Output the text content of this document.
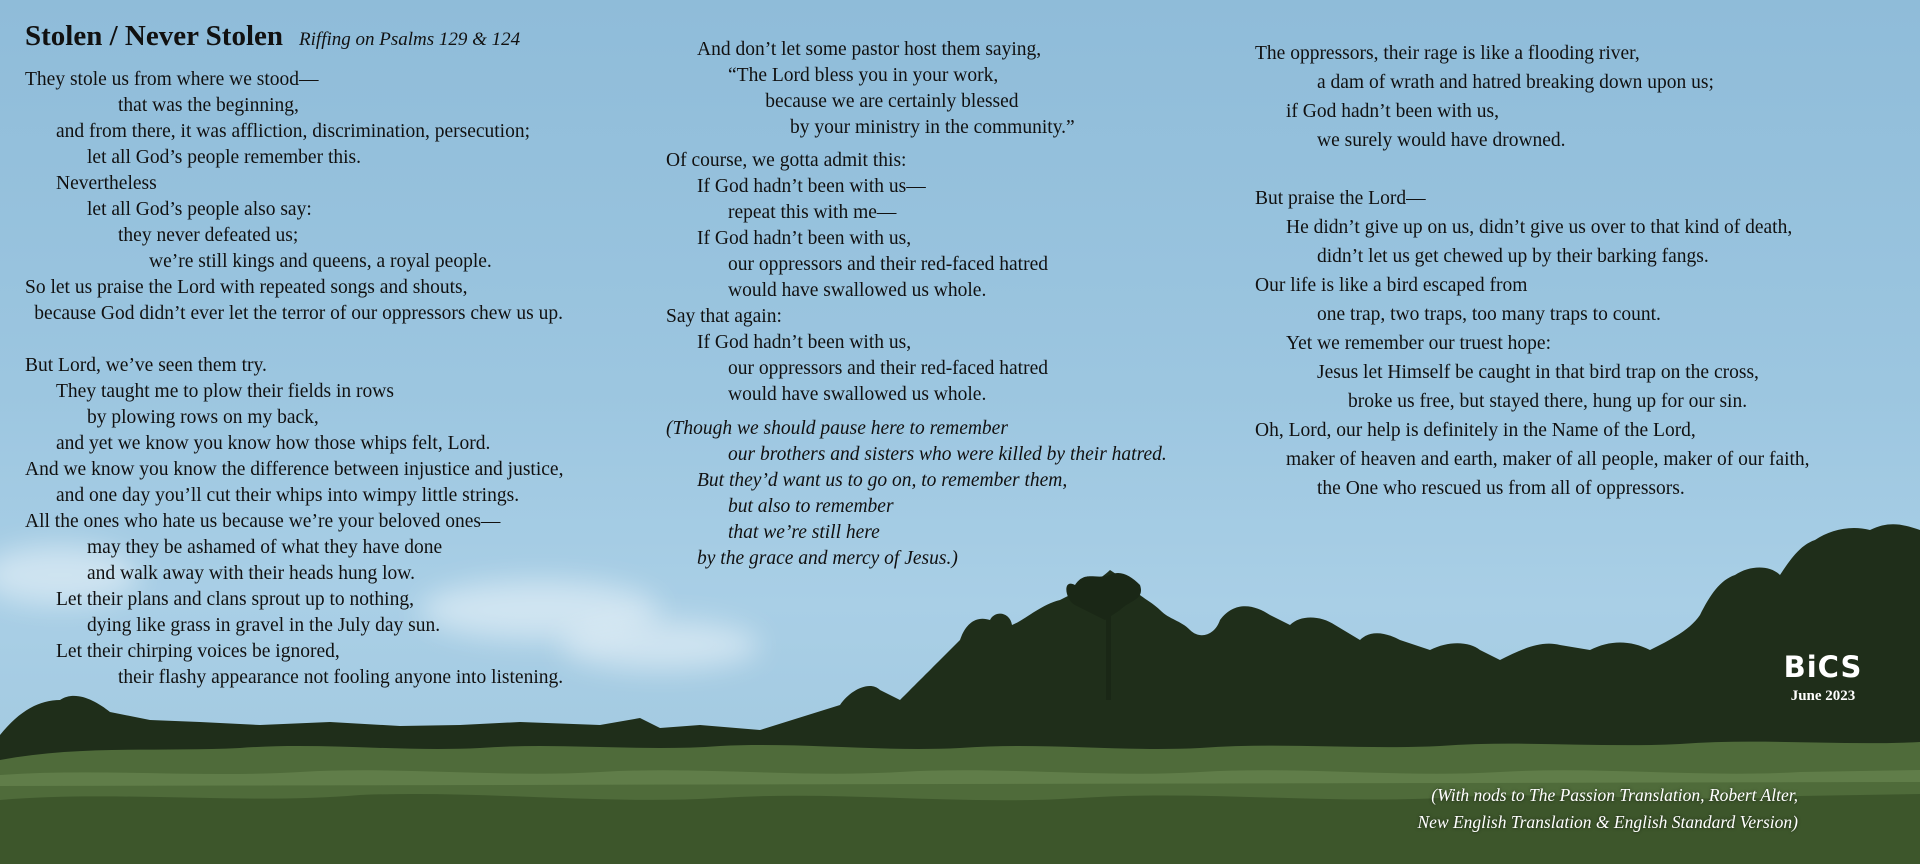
Stolen / Never Stolen Riffing on Psalms 129 & 124
They stole us from where we stood—
that was the beginning,
and from there, it was affliction, discrimination, persecution;
let all God’s people remember this.
Nevertheless
let all God’s people also say:
they never defeated us;
we’re still kings and queens, a royal people.
So let us praise the Lord with repeated songs and shouts,
because God didn’t ever let the terror of our oppressors chew us up.
But Lord, we’ve seen them try.
They taught me to plow their fields in rows
by plowing rows on my back,
and yet we know you know how those whips felt, Lord.
And we know you know the difference between injustice and justice,
and one day you’ll cut their whips into wimpy little strings.
All the ones who hate us because we’re your beloved ones—
may they be ashamed of what they have done
and walk away with their heads hung low.
Let their plans and clans sprout up to nothing,
dying like grass in gravel in the July day sun.
Let their chirping voices be ignored,
their flashy appearance not fooling anyone into listening.
And don’t let some pastor host them saying,
“The Lord bless you in your work,
because we are certainly blessed
by your ministry in the community.”
Of course, we gotta admit this:
If God hadn’t been with us—
repeat this with me—
If God hadn’t been with us,
our oppressors and their red-faced hatred
would have swallowed us whole.
Say that again:
If God hadn’t been with us,
our oppressors and their red-faced hatred
would have swallowed us whole.
(Though we should pause here to remember
our brothers and sisters who were killed by their hatred.
But they’d want us to go on, to remember them,
but also to remember
that we’re still here
by the grace and mercy of Jesus.)
The oppressors, their rage is like a flooding river,
a dam of wrath and hatred breaking down upon us;
if God hadn’t been with us,
we surely would have drowned.
But praise the Lord—
He didn’t give up on us, didn’t give us over to that kind of death,
didn’t let us get chewed up by their barking fangs.
Our life is like a bird escaped from
one trap, two traps, too many traps to count.
Yet we remember our truest hope:
Jesus let Himself be caught in that bird trap on the cross,
broke us free, but stayed there, hung up for our sin.
Oh, Lord, our help is definitely in the Name of the Lord,
maker of heaven and earth, maker of all people, maker of our faith,
the One who rescued us from all of oppressors.
BiCS
June 2023
(With nods to The Passion Translation, Robert Alter,
New English Translation & English Standard Version)
